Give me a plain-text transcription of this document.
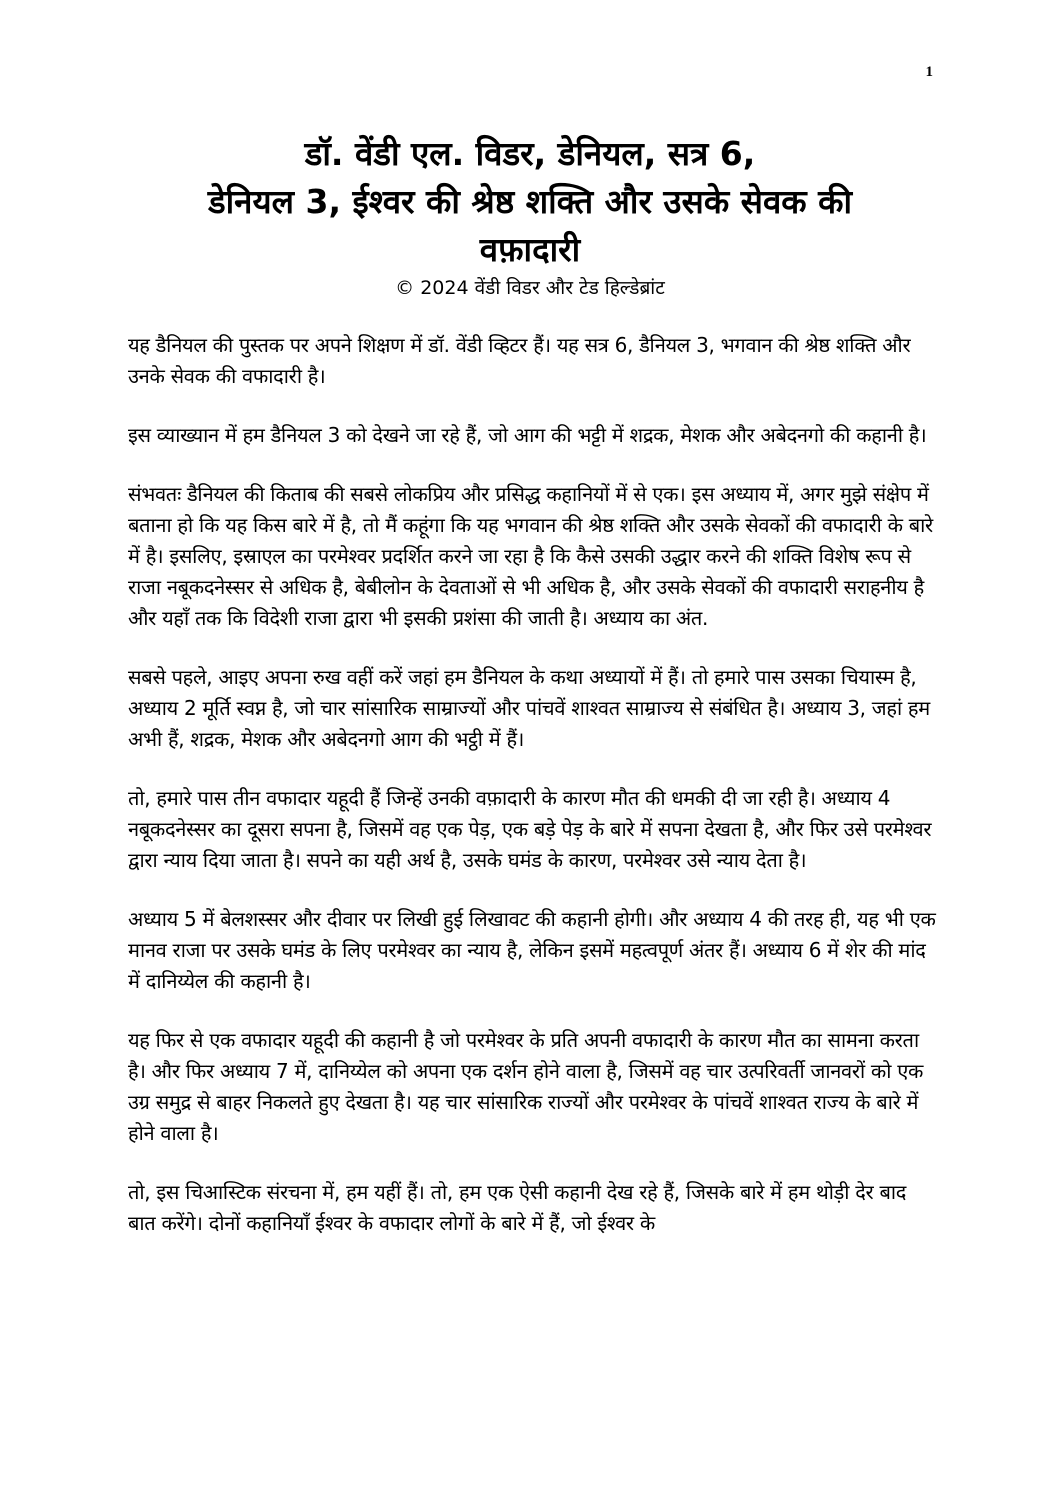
1
डॉ. वेंडी एल. विडर, डेनियल, सत्र 6,
डेनियल 3, ईश्वर की श्रेष्ठ शक्ति और उसके सेवक की
वफ़ादारी
© 2024 वेंडी विडर और टेड हिल्डेब्रांट

यह डैनियल की पुस्तक पर अपने शिक्षण में डॉ. वेंडी व्हिटर हैं। यह सत्र 6, डैनियल 3, भगवान की श्रेष्ठ शक्ति और उनके सेवक की वफादारी है।

इस व्याख्यान में हम डैनियल 3 को देखने जा रहे हैं, जो आग की भट्टी में शद्रक, मेशक और अबेदनगो की कहानी है।

संभवतः डैनियल की किताब की सबसे लोकप्रिय और प्रसिद्ध कहानियों में से एक। इस अध्याय में, अगर मुझे संक्षेप में बताना हो कि यह किस बारे में है, तो मैं कहूंगा कि यह भगवान की श्रेष्ठ शक्ति और उसके सेवकों की वफादारी के बारे में है। इसलिए, इस्राएल का परमेश्वर प्रदर्शित करने जा रहा है कि कैसे उसकी उद्धार करने की शक्ति विशेष रूप से राजा नबूकदनेस्सर से अधिक है, बेबीलोन के देवताओं से भी अधिक है, और उसके सेवकों की वफादारी सराहनीय है और यहाँ तक कि विदेशी राजा द्वारा भी इसकी प्रशंसा की जाती है। अध्याय का अंत.

सबसे पहले, आइए अपना रुख वहीं करें जहां हम डैनियल के कथा अध्यायों में हैं। तो हमारे पास उसका चियास्म है, अध्याय 2 मूर्ति स्वप्न है, जो चार सांसारिक साम्राज्यों और पांचवें शाश्वत साम्राज्य से संबंधित है। अध्याय 3, जहां हम अभी हैं, शद्रक, मेशक और अबेदनगो आग की भट्ठी में हैं।

तो, हमारे पास तीन वफादार यहूदी हैं जिन्हें उनकी वफ़ादारी के कारण मौत की धमकी दी जा रही है। अध्याय 4 नबूकदनेस्सर का दूसरा सपना है, जिसमें वह एक पेड़, एक बड़े पेड़ के बारे में सपना देखता है, और फिर उसे परमेश्वर द्वारा न्याय दिया जाता है। सपने का यही अर्थ है, उसके घमंड के कारण, परमेश्वर उसे न्याय देता है।

अध्याय 5 में बेलशस्सर और दीवार पर लिखी हुई लिखावट की कहानी होगी। और अध्याय 4 की तरह ही, यह भी एक मानव राजा पर उसके घमंड के लिए परमेश्वर का न्याय है, लेकिन इसमें महत्वपूर्ण अंतर हैं। अध्याय 6 में शेर की मांद में दानिय्येल की कहानी है।

यह फिर से एक वफादार यहूदी की कहानी है जो परमेश्वर के प्रति अपनी वफादारी के कारण मौत का सामना करता है। और फिर अध्याय 7 में, दानिय्येल को अपना एक दर्शन होने वाला है, जिसमें वह चार उत्परिवर्ती जानवरों को एक उग्र समुद्र से बाहर निकलते हुए देखता है। यह चार सांसारिक राज्यों और परमेश्वर के पांचवें शाश्वत राज्य के बारे में होने वाला है।

तो, इस चिआस्टिक संरचना में, हम यहीं हैं। तो, हम एक ऐसी कहानी देख रहे हैं, जिसके बारे में हम थोड़ी देर बाद बात करेंगे। दोनों कहानियाँ ईश्वर के वफादार लोगों के बारे में हैं, जो ईश्वर के
